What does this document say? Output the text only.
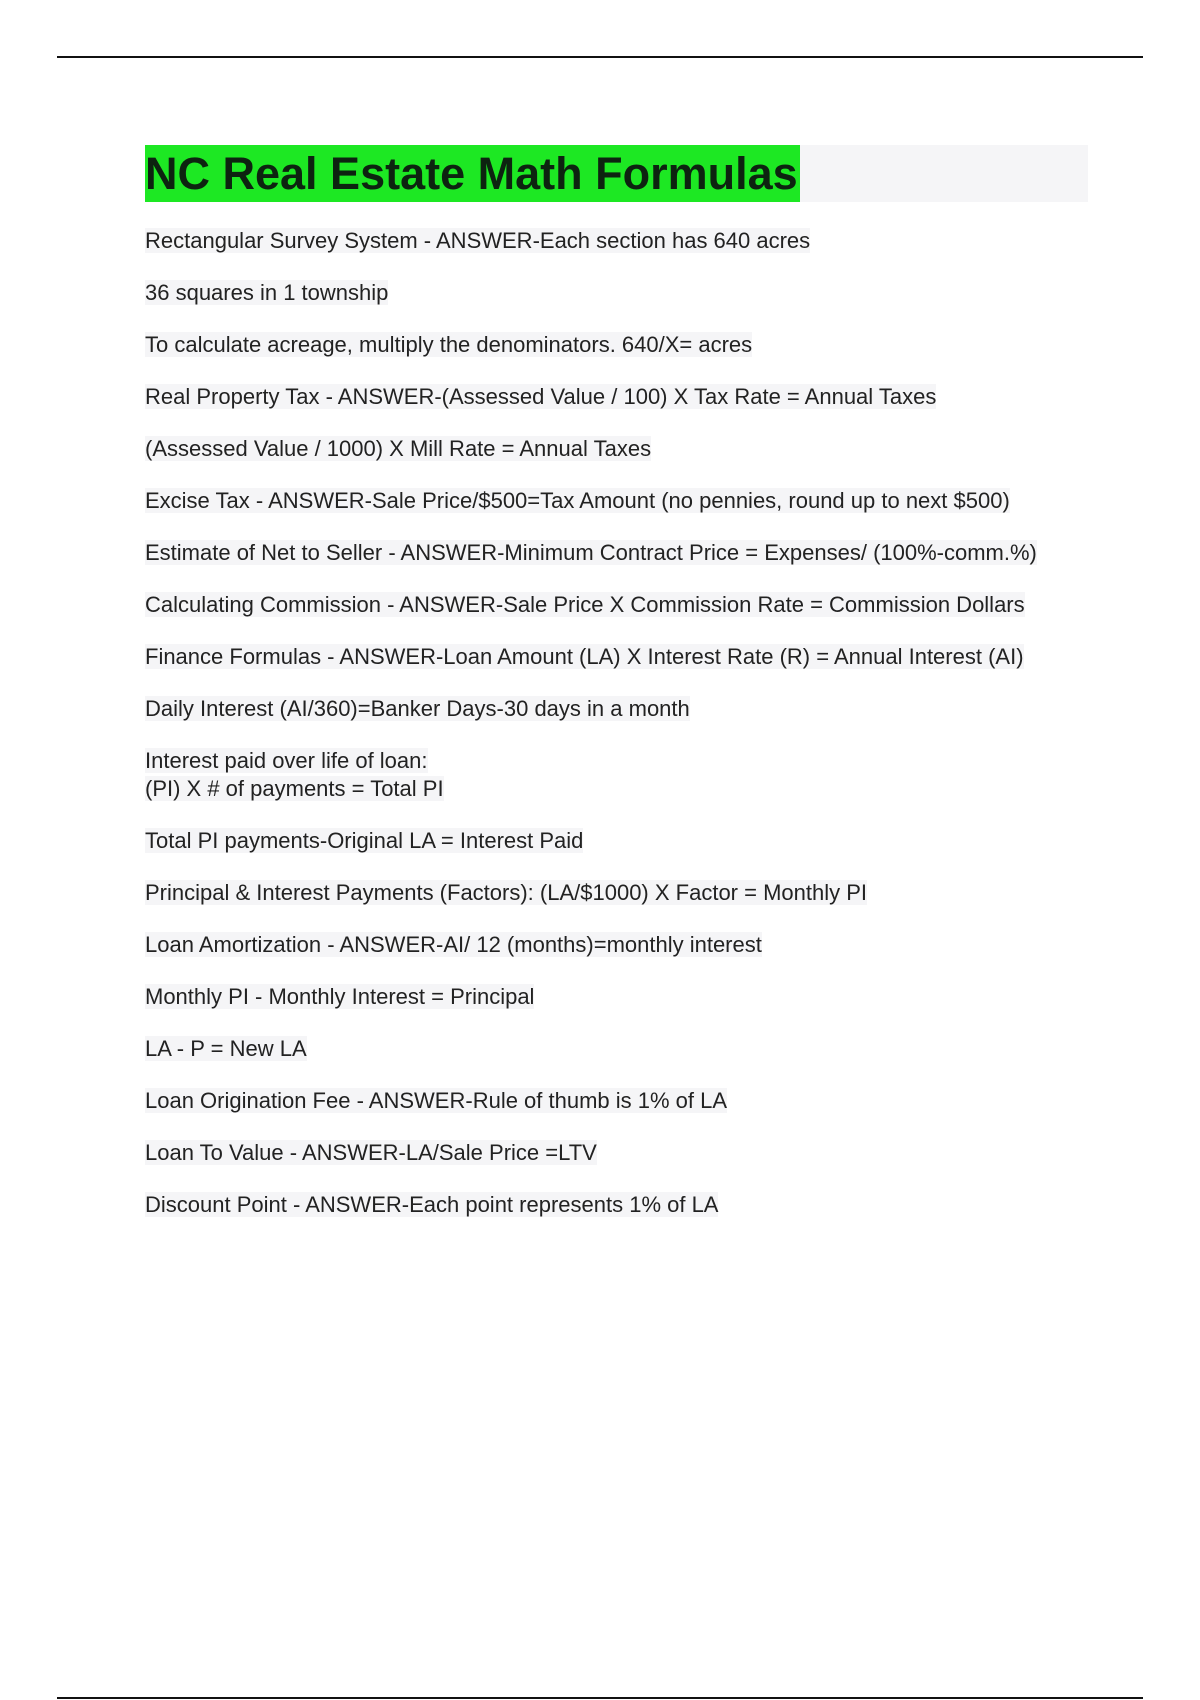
NC Real Estate Math Formulas

Rectangular Survey System - ANSWER-Each section has 640 acres

36 squares in 1 township

To calculate acreage, multiply the denominators. 640/X= acres

Real Property Tax - ANSWER-(Assessed Value / 100) X Tax Rate = Annual Taxes

(Assessed Value / 1000) X Mill Rate = Annual Taxes

Excise Tax - ANSWER-Sale Price/$500=Tax Amount (no pennies, round up to next $500)

Estimate of Net to Seller - ANSWER-Minimum Contract Price = Expenses/ (100%-comm.%)

Calculating Commission - ANSWER-Sale Price X Commission Rate = Commission Dollars

Finance Formulas - ANSWER-Loan Amount (LA) X Interest Rate (R) = Annual Interest (AI)

Daily Interest (AI/360)=Banker Days-30 days in a month

Interest paid over life of loan:
(PI) X # of payments = Total PI

Total PI payments-Original LA = Interest Paid

Principal & Interest Payments (Factors): (LA/$1000) X Factor = Monthly PI

Loan Amortization - ANSWER-AI/ 12 (months)=monthly interest

Monthly PI - Monthly Interest = Principal

LA - P = New LA

Loan Origination Fee - ANSWER-Rule of thumb is 1% of LA

Loan To Value - ANSWER-LA/Sale Price =LTV

Discount Point - ANSWER-Each point represents 1% of LA
